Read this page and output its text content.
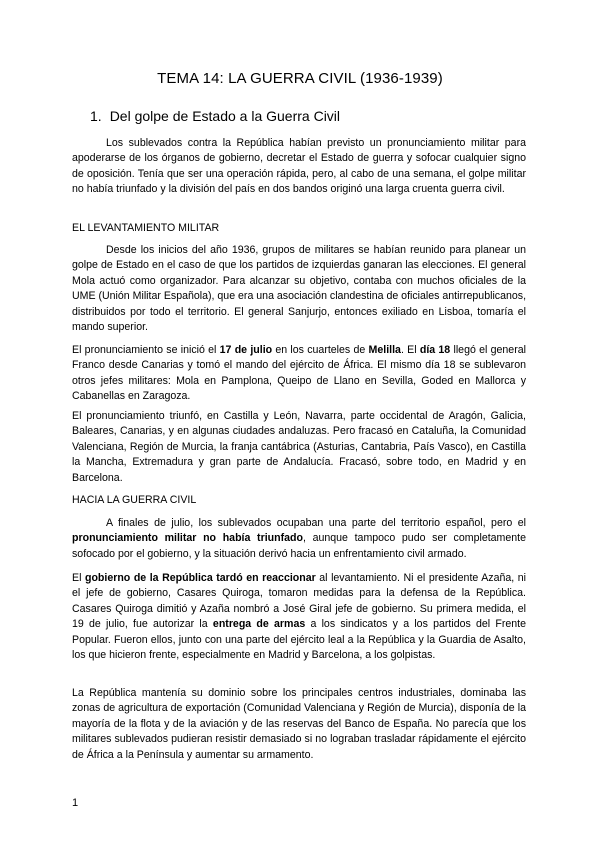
TEMA 14: LA GUERRA CIVIL (1936-1939)
1. Del golpe de Estado a la Guerra Civil

Los sublevados contra la República habían previsto un pronunciamiento militar para apoderarse de los órganos de gobierno, decretar el Estado de guerra y sofocar cualquier signo de oposición. Tenía que ser una operación rápida, pero, al cabo de una semana, el golpe militar no había triunfado y la división del país en dos bandos originó una larga cruenta guerra civil.

EL LEVANTAMIENTO MILITAR

Desde los inicios del año 1936, grupos de militares se habían reunido para planear un golpe de Estado en el caso de que los partidos de izquierdas ganaran las elecciones. El general Mola actuó como organizador. Para alcanzar su objetivo, contaba con muchos oficiales de la UME (Unión Militar Española), que era una asociación clandestina de oficiales antirrepublicanos, distribuidos por todo el territorio. El general Sanjurjo, entonces exiliado en Lisboa, tomaría el mando superior.

El pronunciamiento se inició el 17 de julio en los cuarteles de Melilla. El día 18 llegó el general Franco desde Canarias y tomó el mando del ejército de África. El mismo día 18 se sublevaron otros jefes militares: Mola en Pamplona, Queipo de Llano en Sevilla, Goded en Mallorca y Cabanellas en Zaragoza.

El pronunciamiento triunfó, en Castilla y León, Navarra, parte occidental de Aragón, Galicia, Baleares, Canarias, y en algunas ciudades andaluzas. Pero fracasó en Cataluña, la Comunidad Valenciana, Región de Murcia, la franja cantábrica (Asturias, Cantabria, País Vasco), en Castilla la Mancha, Extremadura y gran parte de Andalucía. Fracasó, sobre todo, en Madrid y en Barcelona.

HACIA LA GUERRA CIVIL

A finales de julio, los sublevados ocupaban una parte del territorio español, pero el pronunciamiento militar no había triunfado, aunque tampoco pudo ser completamente sofocado por el gobierno, y la situación derivó hacia un enfrentamiento civil armado.

El gobierno de la República tardó en reaccionar al levantamiento. Ni el presidente Azaña, ni el jefe de gobierno, Casares Quiroga, tomaron medidas para la defensa de la República. Casares Quiroga dimitió y Azaña nombró a José Giral jefe de gobierno. Su primera medida, el 19 de julio, fue autorizar la entrega de armas a los sindicatos y a los partidos del Frente Popular. Fueron ellos, junto con una parte del ejército leal a la República y la Guardia de Asalto, los que hicieron frente, especialmente en Madrid y Barcelona, a los golpistas.

La República mantenía su dominio sobre los principales centros industriales, dominaba las zonas de agricultura de exportación (Comunidad Valenciana y Región de Murcia), disponía de la mayoría de la flota y de la aviación y de las reservas del Banco de España. No parecía que los militares sublevados pudieran resistir demasiado si no lograban trasladar rápidamente el ejército de África a la Península y aumentar su armamento.

1
